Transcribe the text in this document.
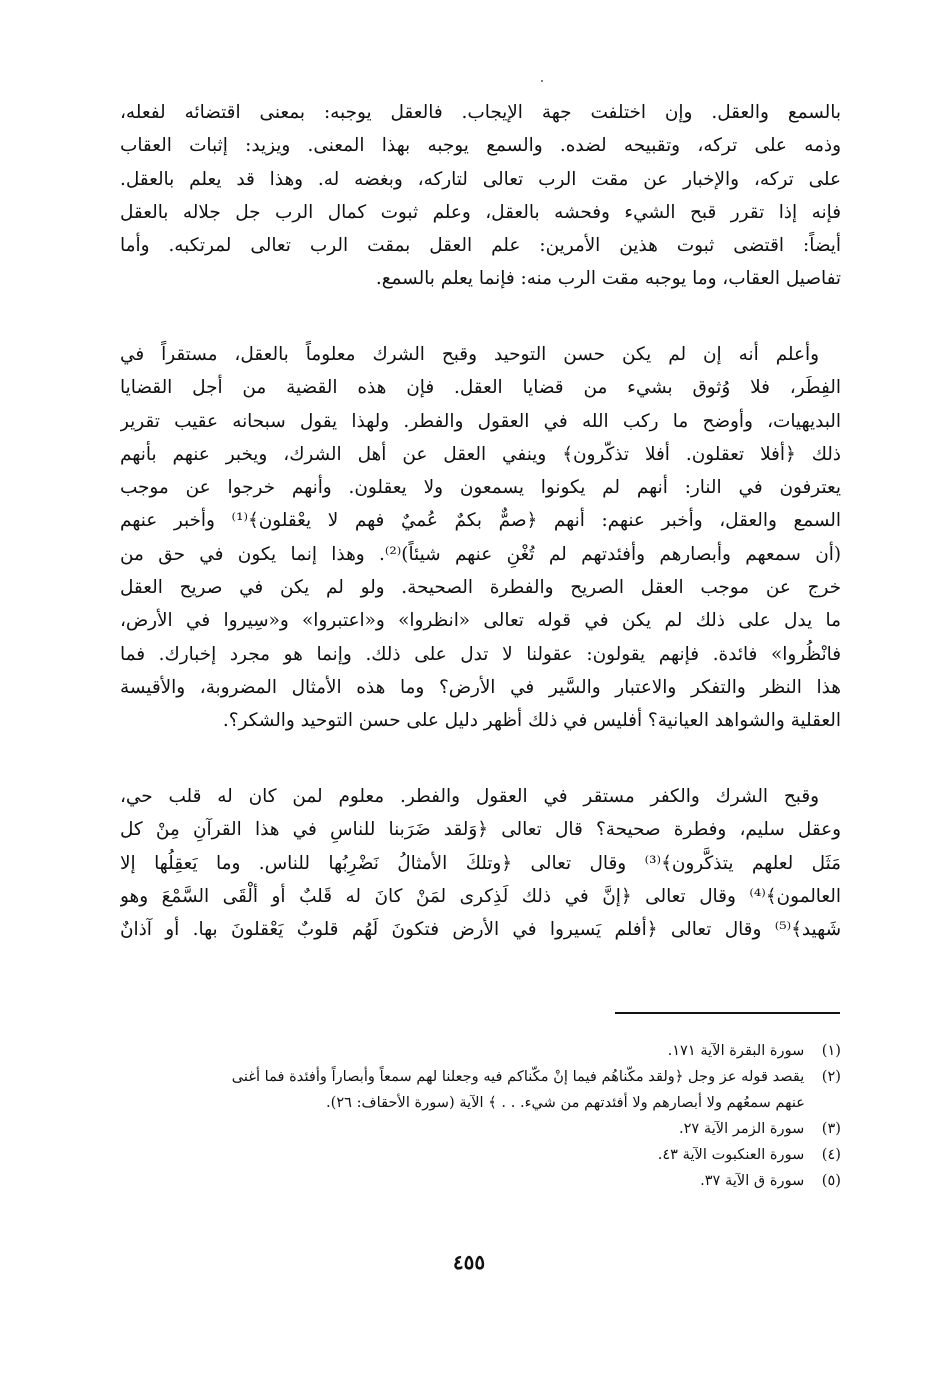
بالسمع والعقل. وإن اختلفت جهة الإيجاب. فالعقل يوجبه: بمعنى اقتضائه لفعله،
وذمه على تركه، وتقبيحه لضده. والسمع يوجبه بهذا المعنى. ويزيد: إثبات العقاب
على تركه، والإخبار عن مقت الرب تعالى لتاركه، وبغضه له. وهذا قد يعلم بالعقل.
فإنه إذا تقرر قبح الشيء وفحشه بالعقل، وعلم ثبوت كمال الرب جل جلاله بالعقل
أيضاً: اقتضى ثبوت هذين الأمرين: علم العقل بمقت الرب تعالى لمرتكبه. وأما
تفاصيل العقاب، وما يوجبه مقت الرب منه: فإنما يعلم بالسمع.

وأعلم أنه إن لم يكن حسن التوحيد وقبح الشرك معلوماً بالعقل، مستقراً في
الفِطَر، فلا وُثوق بشيء من قضايا العقل. فإن هذه القضية من أجل القضايا
البديهيات، وأوضح ما ركب الله في العقول والفطر. ولهذا يقول سبحانه عقيب تقرير
ذلك ﴿أفلا تعقلون. أفلا تذكّرون﴾ وينفي العقل عن أهل الشرك، ويخبر عنهم بأنهم
يعترفون في النار: أنهم لم يكونوا يسمعون ولا يعقلون. وأنهم خرجوا عن موجب
السمع والعقل، وأخبر عنهم: أنهم ﴿صمٌّ بكمٌ عُميٌ فهم لا يعْقلون﴾⁽¹⁾ وأخبر عنهم
(أن سمعهم وأبصارهم وأفئدتهم لم تُغْنِ عنهم شيئاً)⁽²⁾. وهذا إنما يكون في حق من
خرج عن موجب العقل الصريح والفطرة الصحيحة. ولو لم يكن في صريح العقل
ما يدل على ذلك لم يكن في قوله تعالى «انظروا» و«اعتبروا» و«سِيروا في الأرض،
فانْظُروا» فائدة. فإنهم يقولون: عقولنا لا تدل على ذلك. وإنما هو مجرد إخبارك. فما
هذا النظر والتفكر والاعتبار والسَّير في الأرض؟ وما هذه الأمثال المضروبة، والأقيسة
العقلية والشواهد العيانية؟ أفليس في ذلك أظهر دليل على حسن التوحيد والشكر؟.

وقبح الشرك والكفر مستقر في العقول والفطر. معلوم لمن كان له قلب حي،
وعقل سليم، وفطرة صحيحة؟ قال تعالى ﴿وَلقد ضَرَبنا للناسِ في هذا القرآنِ مِنْ كل
مَثَل لعلهم يتذكَّرون﴾⁽³⁾ وقال تعالى ﴿وتلكَ الأمثالُ نَضْرِبُها للناس. وما يَعقِلُها إلا
العالمون﴾⁽⁴⁾ وقال تعالى ﴿إنَّ في ذلك لَذِكرى لمَنْ كانَ له قَلبٌ أو ألْقَى السَّمْعَ وهو
شَهيد﴾⁽⁵⁾ وقال تعالى ﴿أفلم يَسيروا في الأرض فتكونَ لَهُم قلوبٌ يَعْقلونَ بها. أو آذانٌ

(١) سورة البقرة الآية ١٧١.
(٢) يقصد قوله عز وجل ﴿ولقد مكّناهُم فيما إنْ مكّناكم فيه وجعلنا لهم سمعاً وأبصاراً وأفئدة فما أغنى
عنهم سمعُهم ولا أبصارهم ولا أفئدتهم من شيء. . . ﴾ الآية (سورة الأحقاف: ٢٦).
(٣) سورة الزمر الآية ٢٧.
(٤) سورة العنكبوت الآية ٤٣.
(٥) سورة ق الآية ٣٧.
٤٥٥
